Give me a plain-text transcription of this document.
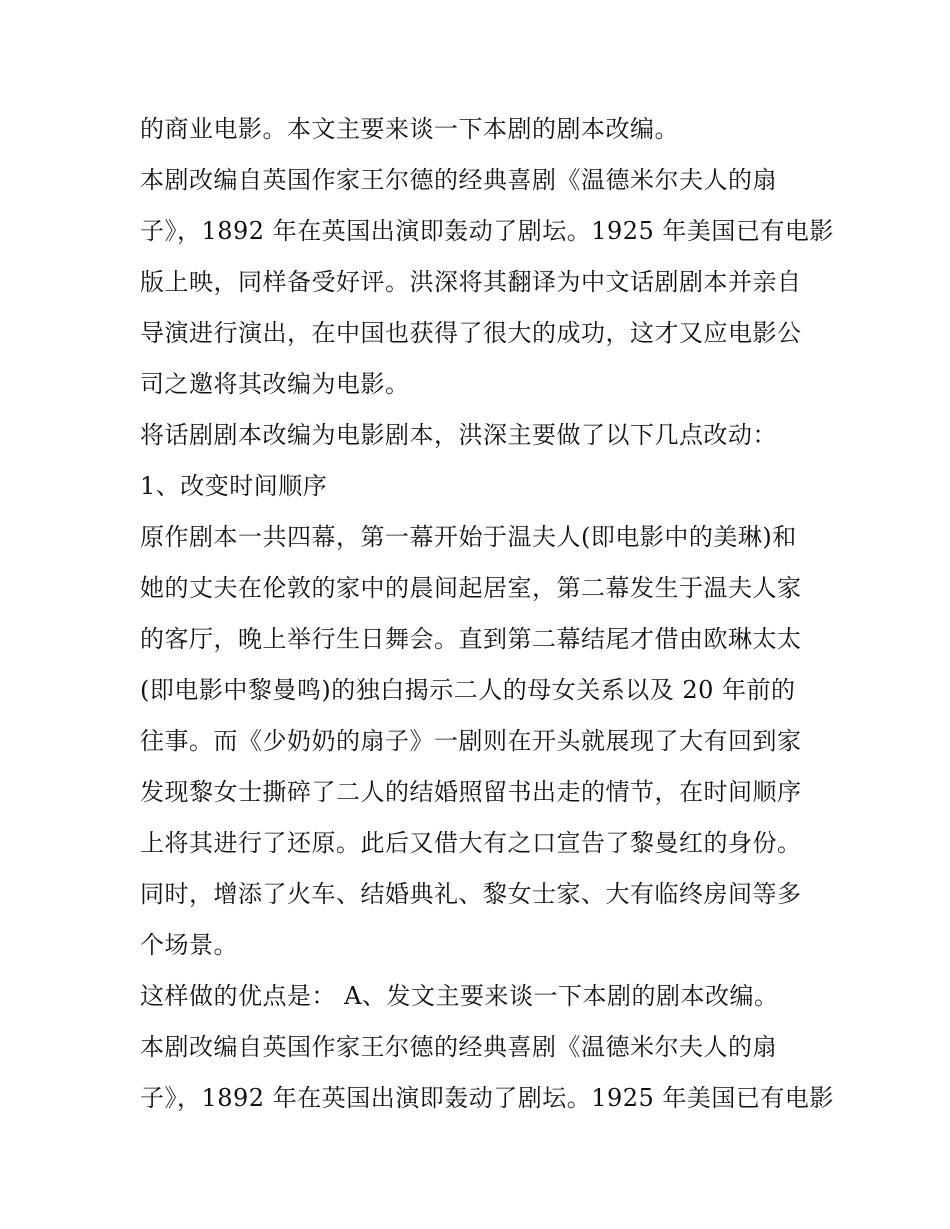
的商业电影。本文主要来谈一下本剧的剧本改编。
本剧改编自英国作家王尔德的经典喜剧《温德米尔夫人的扇
子》，1892 年在英国出演即轰动了剧坛。1925 年美国已有电影
版上映，同样备受好评。洪深将其翻译为中文话剧剧本并亲自
导演进行演出，在中国也获得了很大的成功，这才又应电影公
司之邀将其改编为电影。
将话剧剧本改编为电影剧本，洪深主要做了以下几点改动：
1、改变时间顺序
原作剧本一共四幕，第一幕开始于温夫人(即电影中的美琳)和
她的丈夫在伦敦的家中的晨间起居室，第二幕发生于温夫人家
的客厅，晚上举行生日舞会。直到第二幕结尾才借由欧琳太太
(即电影中黎曼鸣)的独白揭示二人的母女关系以及 20 年前的
往事。而《少奶奶的扇子》一剧则在开头就展现了大有回到家
发现黎女士撕碎了二人的结婚照留书出走的情节，在时间顺序
上将其进行了还原。此后又借大有之口宣告了黎曼红的身份。
同时，增添了火车、结婚典礼、黎女士家、大有临终房间等多
个场景。
这样做的优点是： A、发文主要来谈一下本剧的剧本改编。
本剧改编自英国作家王尔德的经典喜剧《温德米尔夫人的扇
子》，1892 年在英国出演即轰动了剧坛。1925 年美国已有电影
